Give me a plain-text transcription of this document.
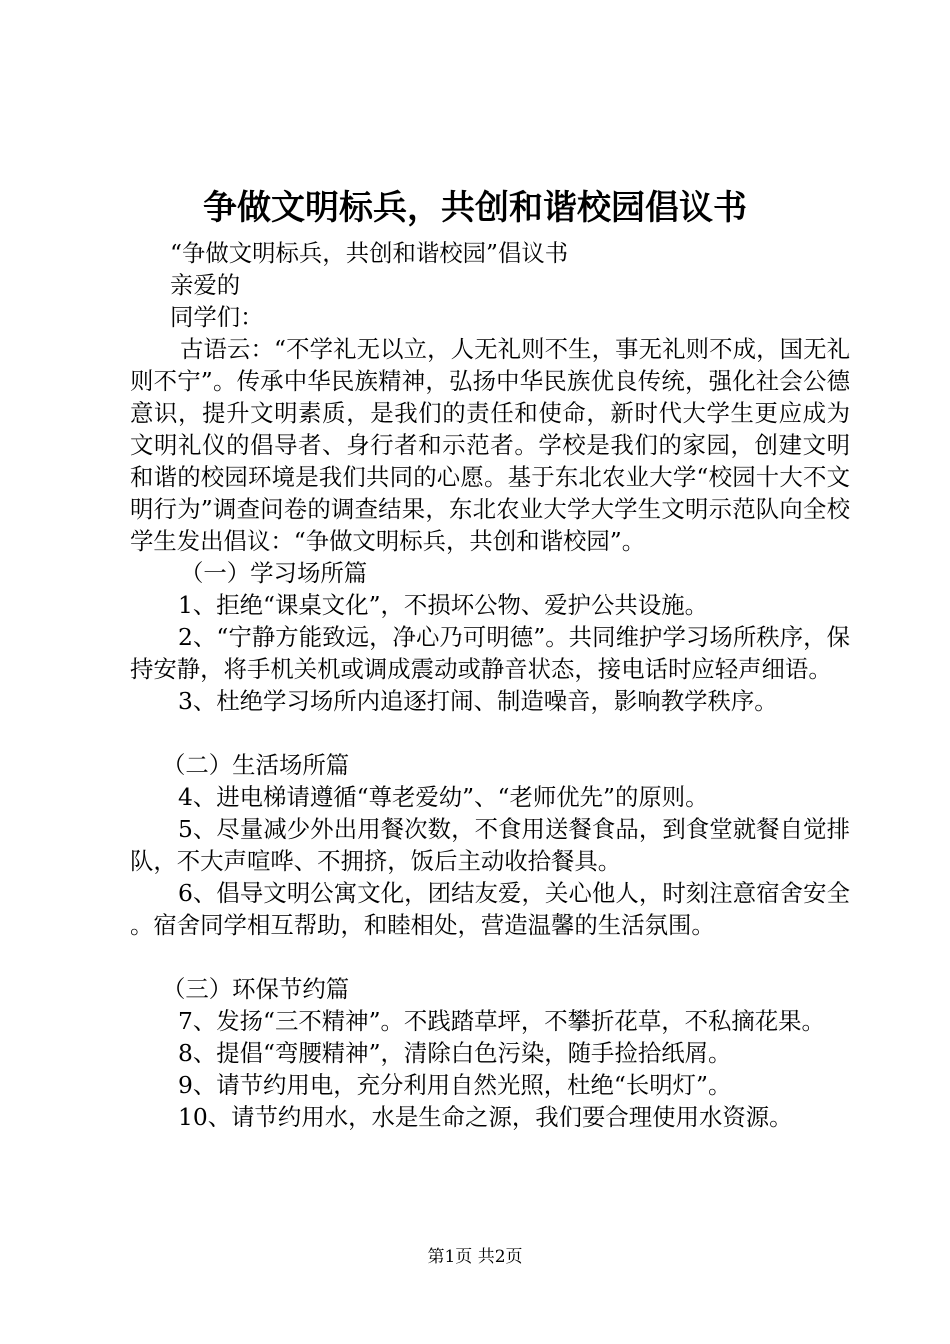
争做文明标兵，共创和谐校园倡议书
“争做文明标兵，共创和谐校园”倡议书
亲爱的
同学们：
古语云：“不学礼无以立，人无礼则不生，事无礼则不成，国无礼则不宁”。传承中华民族精神，弘扬中华民族优良传统，强化社会公德意识，提升文明素质，是我们的责任和使命，新时代大学生更应成为文明礼仪的倡导者、身行者和示范者。学校是我们的家园，创建文明和谐的校园环境是我们共同的心愿。基于东北农业大学“校园十大不文明行为”调查问卷的调查结果，东北农业大学大学生文明示范队向全校学生发出倡议：“争做文明标兵，共创和谐校园”。
（一）学习场所篇
1、拒绝“课桌文化”，不损坏公物、爱护公共设施。
2、“宁静方能致远，净心乃可明德”。共同维护学习场所秩序，保持安静，将手机关机或调成震动或静音状态，接电话时应轻声细语。
3、杜绝学习场所内追逐打闹、制造噪音，影响教学秩序。
（二）生活场所篇
4、进电梯请遵循“尊老爱幼”、“老师优先”的原则。
5、尽量减少外出用餐次数，不食用送餐食品，到食堂就餐自觉排队，不大声喧哗、不拥挤，饭后主动收拾餐具。
6、倡导文明公寓文化，团结友爱，关心他人，时刻注意宿舍安全。宿舍同学相互帮助，和睦相处，营造温馨的生活氛围。
（三）环保节约篇
7、发扬“三不精神”。不践踏草坪，不攀折花草，不私摘花果。
8、提倡“弯腰精神”，清除白色污染，随手捡拾纸屑。
9、请节约用电，充分利用自然光照，杜绝“长明灯”。
10、请节约用水，水是生命之源，我们要合理使用水资源。
第1页 共2页
